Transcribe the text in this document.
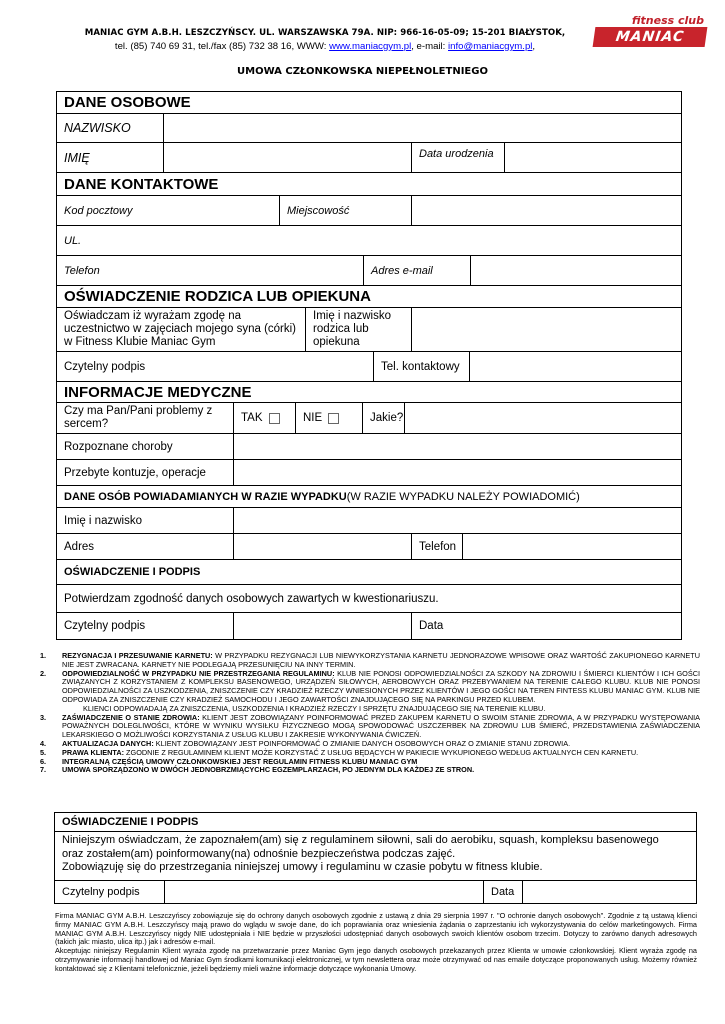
MANIAC GYM A.B.H. LESZCZYŃSCY. UL. WARSZAWSKA 79A. NIP: 966-16-05-09; 15-201 BIAŁYSTOK,
tel. (85) 740 69 31, tel./fax (85) 732 38 16, WWW: www.maniacgym.pl, e-mail: info@maniacgym.pl,
fitness club
MANIAC GYM
UMOWA CZŁONKOWSKA NIEPEŁNOLETNIEGO
DANE OSOBOWE
NAZWISKO
IMIĘ	Data urodzenia
DANE KONTAKTOWE
Kod pocztowy	Miejscowość
UL.
Telefon	Adres e-mail
OŚWIADCZENIE RODZICA LUB OPIEKUNA
Oświadczam iż wyrażam zgodę na
uczestnictwo w zajęciach mojego syna (córki)
w Fitness Klubie Maniac Gym
Imię i nazwisko
rodzica lub
opiekuna
Czytelny podpis	Tel. kontaktowy
INFORMACJE MEDYCZNE
Czy ma Pan/Pani problemy z
sercem?	TAK	NIE	Jakie?
Rozpoznane choroby
Przebyte kontuzje, operacje
DANE OSÓB POWIADAMIANYCH W RAZIE WYPADKU (W RAZIE WYPADKU NALEŻY POWIADOMIĆ)
Imię i nazwisko
Adres	Telefon
OŚWIADCZENIE I PODPIS
Potwierdzam zgodność danych osobowych zawartych w kwestionariuszu.
Czytelny podpis	Data
1.	REZYGNACJA I PRZESUWANIE KARNETU: W PRZYPADKU REZYGNACJI LUB NIEWYKORZYSTANIA KARNETU JEDNORAZOWE WPISOWE ORAZ WARTOŚĆ ZAKUPIONEGO KARNETU NIE JEST ZWRACANA. KARNETY NIE PODLEGAJĄ PRZESUNIĘCIU NA INNY TERMIN.
2.	ODPOWIEDZIALNOŚĆ W PRZYPADKU NIE PRZESTRZEGANIA REGULAMINU: KLUB NIE PONOSI ODPOWIEDZIALNOŚCI ZA SZKODY NA ZDROWIU I ŚMIERCI KLIENTÓW I ICH GOŚCI ZWIĄZANYCH Z KORZYSTANIEM Z KOMPLEKSU BASENOWEGO, URZĄDZEŃ SIŁOWYCH, AEROBOWYCH ORAZ PRZEBYWANIEM NA TERENIE CAŁEGO KLUBU. KLUB NIE PONOSI ODPOWIEDZIALNOŚCI ZA USZKODZENIA, ZNISZCZENIE CZY KRADZIEŻ RZECZY WNIESIONYCH PRZEZ KLIENTÓW I JEGO GOŚCI NA TEREN FINTESS KLUBU MANIAC GYM. KLUB NIE ODPOWIADA ZA ZNISZCZENIE CZY KRADZIEŻ SAMOCHODU I JEGO ZAWARTOŚCI ZNAJDUJĄCEGO SIĘ NA PARKINGU PRZED KLUBEM.
KLIENCI ODPOWIADAJĄ ZA ZNISZCZENIA, USZKODZENIA I KRADZIEŻ RZECZY I SPRZĘTU ZNAJDUJĄCEGO SIĘ NA TERENIE KLUBU.
3.	ZAŚWIADCZENIE O STANIE ZDROWIA: KLIENT JEST ZOBOWIĄZANY POINFORMOWAĆ PRZED ZAKUPEM KARNETU O SWOIM STANIE ZDROWIA, A W PRZYPADKU WYSTĘPOWANIA POWAŻNYCH DOLEGLIWOŚCI, KTÓRE W WYNIKU WYSIŁKU FIZYCZNEGO MOGĄ SPOWODOWAĆ USZCZERBEK NA ZDROWIU LUB ŚMIERĆ, PRZEDSTAWIENIA ZAŚWIADCZENIA LEKARSKIEGO O MOŻLIWOŚCI KORZYSTANIA Z USŁUG KLUBU I ZAKRESIE WYKONYWANIA ĆWICZEŃ.
4.	AKTUALIZACJA DANYCH: KLIENT ZOBOWIĄZANY JEST POINFORMOWAĆ O ZMIANIE DANYCH OSOBOWYCH ORAZ O ZMIANIE STANU ZDROWIA.
5.	PRAWA KLIENTA: ZGODNIE Z REGULAMINEM KLIENT MOŻE KORZYSTAĆ Z USŁUG BĘDĄCYCH W PAKIECIE WYKUPIONEGO WEDŁUG AKTUALNYCH CEN KARNETU.
6.	INTEGRALNĄ CZĘŚCIĄ UMOWY CZŁONKOWSKIEJ JEST REGULAMIN FITNESS KLUBU MANIAC GYM
7.	UMOWA SPORZĄDZONO W DWÓCH JEDNOBRZMIĄCYCHC EGZEMPLARZACH, PO JEDNYM DLA KAŻDEJ ZE STRON.
OŚWIADCZENIE I PODPIS
Niniejszym oświadczam, że zapoznałem(am) się z regulaminem siłowni, sali do aerobiku, squash, kompleksu basenowego
oraz zostałem(am) poinformowany(na) odnośnie bezpieczeństwa podczas zajęć.
Zobowiązuję się do przestrzegania niniejszej umowy i regulaminu w czasie pobytu w fitness klubie.
Czytelny podpis	Data
Firma MANIAC GYM A.B.H. Leszczyńscy zobowiązuje się do ochrony danych osobowych zgodnie z ustawą z dnia 29 sierpnia 1997 r. "O ochronie danych osobowych". Zgodnie z tą ustawą klienci firmy MANIAC GYM A.B.H. Leszczyńscy mają prawo do wglądu w swoje dane, do ich poprawiania oraz wniesienia żądania o zaprzestaniu ich wykorzystywania do celów marketingowych. Firma MANIAC GYM A.B.H. Leszczyńscy nigdy NIE udostępniała i NIE będzie w przyszłości udostępniać danych osobowych swoich klientów osobom trzecim. Dotyczy to zarówno danych adresowych (takich jak: miasto, ulica itp.) jak i adresów e-mail.
Akceptując niniejszy Regulamin Klient wyraża zgodę na przetwarzanie przez Maniac Gym jego danych osobowych przekazanych przez Klienta w umowie członkowskiej. Klient wyraża zgodę na otrzymywanie informacji handlowej od Maniac Gym środkami komunikacji elektronicznej, w tym newslettera oraz może otrzymywać od nas emaile dotyczące proponowanych usług. Możemy również kontaktować się z Klientami telefonicznie, jeżeli będziemy mieli ważne informacje dotyczące wykonania Umowy.
